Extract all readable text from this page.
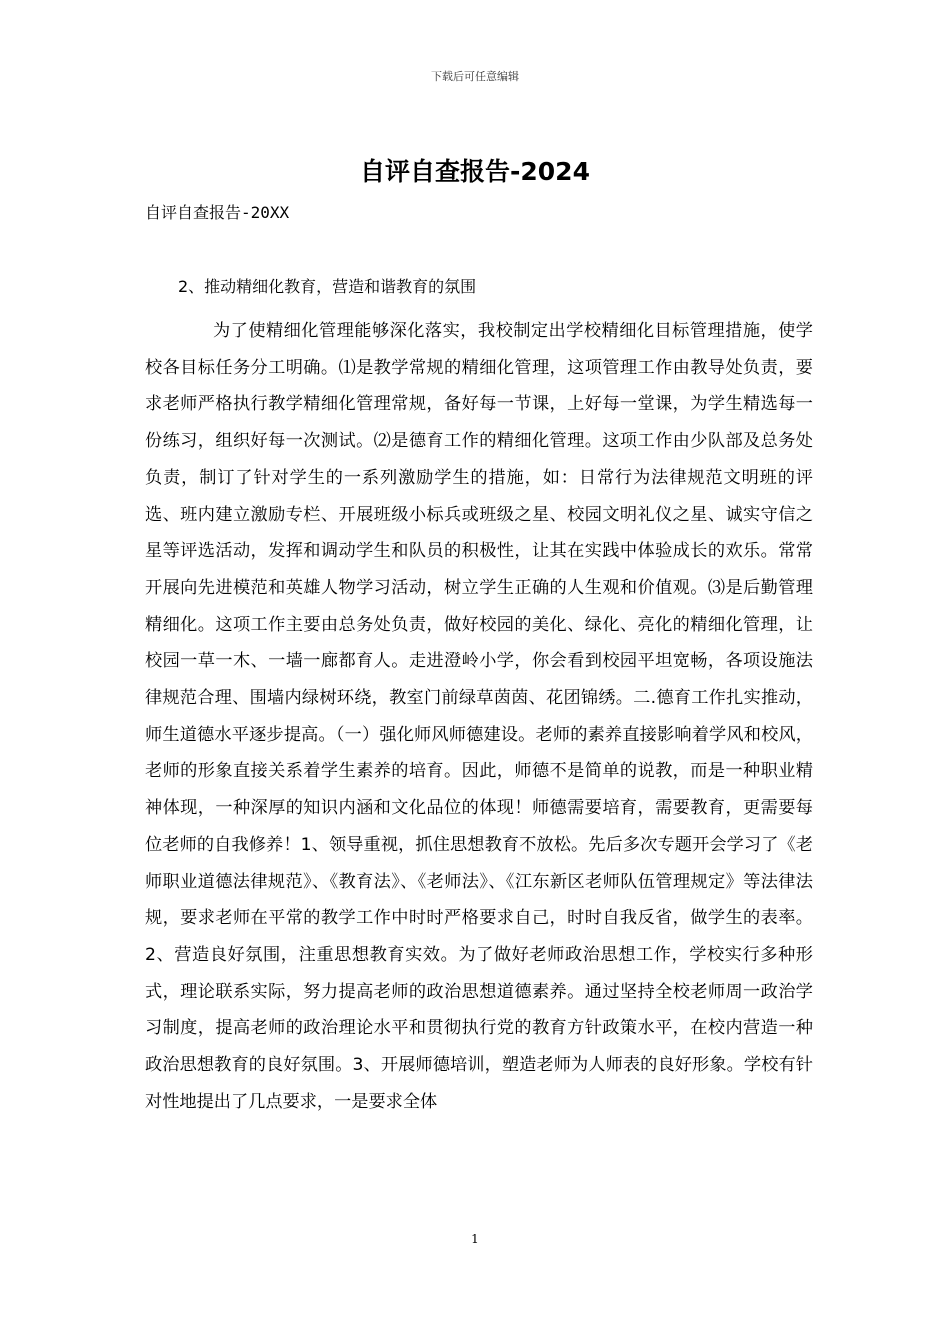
下载后可任意编辑
自评自查报告-2024
自评自查报告-20XX
2、推动精细化教育，营造和谐教育的氛围

为了使精细化管理能够深化落实，我校制定出学校精细化目标管理措施，使学校各目标任务分工明确。⑴是教学常规的精细化管理，这项管理工作由教导处负责，要求老师严格执行教学精细化管理常规，备好每一节课，上好每一堂课，为学生精选每一份练习，组织好每一次测试。⑵是德育工作的精细化管理。这项工作由少队部及总务处负责，制订了针对学生的一系列激励学生的措施，如：日常行为法律规范文明班的评选、班内建立激励专栏、开展班级小标兵或班级之星、校园文明礼仪之星、诚实守信之星等评选活动，发挥和调动学生和队员的积极性，让其在实践中体验成长的欢乐。常常开展向先进模范和英雄人物学习活动，树立学生正确的人生观和价值观。⑶是后勤管理精细化。这项工作主要由总务处负责，做好校园的美化、绿化、亮化的精细化管理，让校园一草一木、一墙一廊都育人。走进澄岭小学，你会看到校园平坦宽畅，各项设施法律规范合理、围墙内绿树环绕，教室门前绿草茵茵、花团锦绣。二.德育工作扎实推动，师生道德水平逐步提高。（一）强化师风师德建设。老师的素养直接影响着学风和校风，老师的形象直接关系着学生素养的培育。因此，师德不是简单的说教，而是一种职业精神体现，一种深厚的知识内涵和文化品位的体现！师德需要培育，需要教育，更需要每位老师的自我修养！1、领导重视，抓住思想教育不放松。先后多次专题开会学习了《老师职业道德法律规范》、《教育法》、《老师法》、《江东新区老师队伍管理规定》等法律法规，要求老师在平常的教学工作中时时严格要求自己，时时自我反省，做学生的表率。2、营造良好氛围，注重思想教育实效。为了做好老师政治思想工作，学校实行多种形式，理论联系实际，努力提高老师的政治思想道德素养。通过坚持全校老师周一政治学习制度，提高老师的政治理论水平和贯彻执行党的教育方针政策水平，在校内营造一种政治思想教育的良好氛围。3、开展师德培训，塑造老师为人师表的良好形象。学校有针对性地提出了几点要求，一是要求全体

1
